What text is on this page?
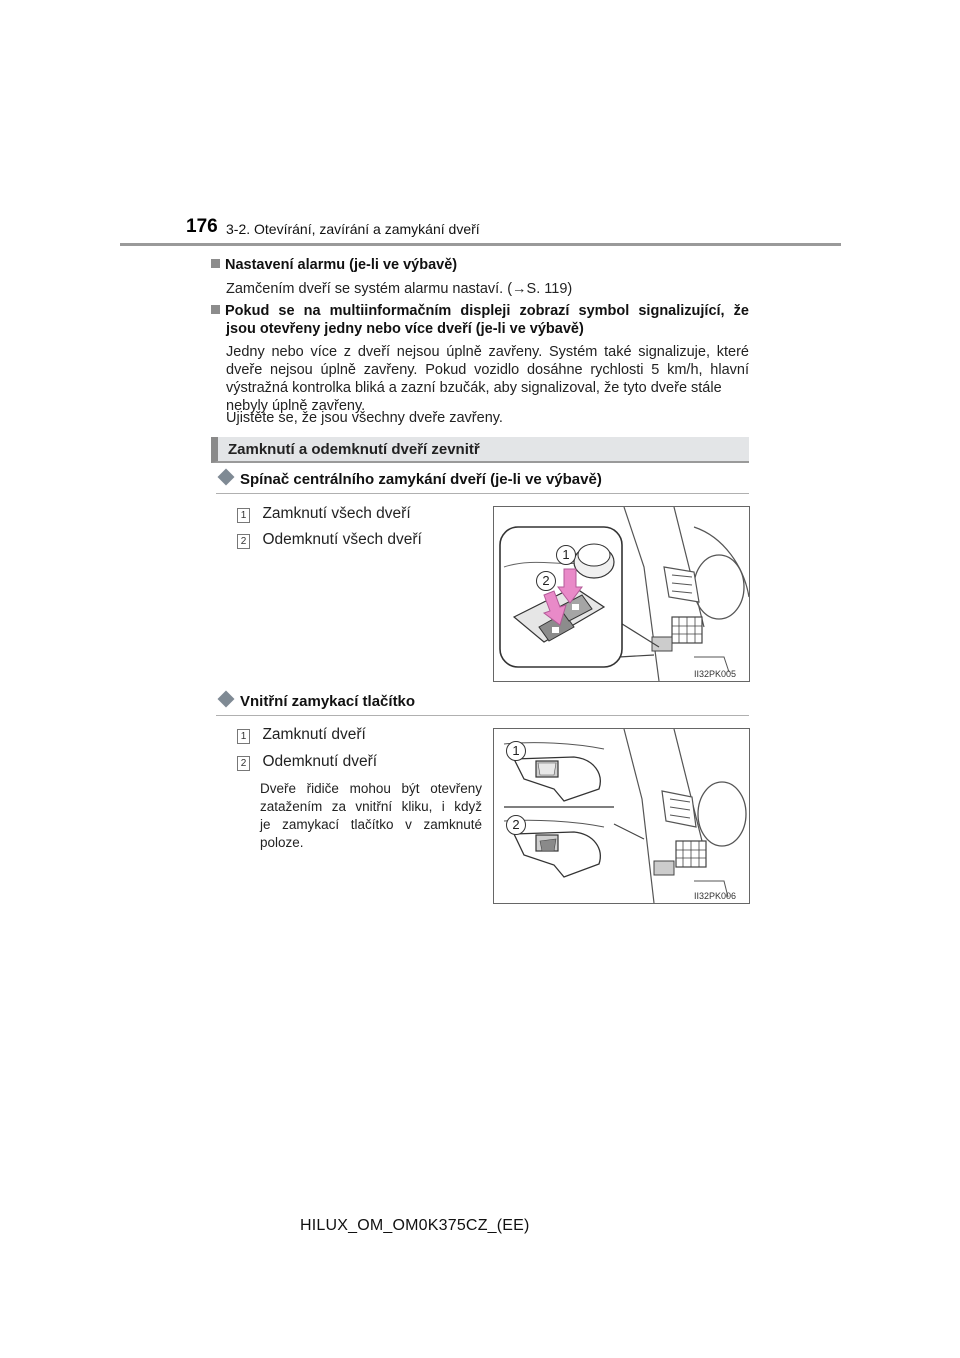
176 3-2. Otevírání, zavírání a zamykání dveří
Nastavení alarmu (je-li ve výbavě)
Zamčením dveří se systém alarmu nastaví. (→S. 119)
Pokud se na multiinformačním displeji zobrazí symbol signalizující, že
jsou otevřeny jedny nebo více dveří (je-li ve výbavě)
Jedny nebo více z dveří nejsou úplně zavřeny. Systém také signalizuje, které
dveře nejsou úplně zavřeny. Pokud vozidlo dosáhne rychlosti 5 km/h, hlavní
výstražná kontrolka bliká a zazní bzučák, aby signalizoval, že tyto dveře stále
nebyly úplně zavřeny.
Ujistěte se, že jsou všechny dveře zavřeny.
Zamknutí a odemknutí dveří zevnitř
Spínač centrálního zamykání dveří (je-li ve výbavě)
1 Zamknutí všech dveří
2 Odemknutí všech dveří
1
2
II32PK005
Vnitřní zamykací tlačítko
1 Zamknutí dveří
2 Odemknutí dveří
Dveře řidiče mohou být otevřeny
zatažením za vnitřní kliku, i když
je zamykací tlačítko v zamknuté
poloze.
1
2
II32PK006
HILUX_OM_OM0K375CZ_(EE)
